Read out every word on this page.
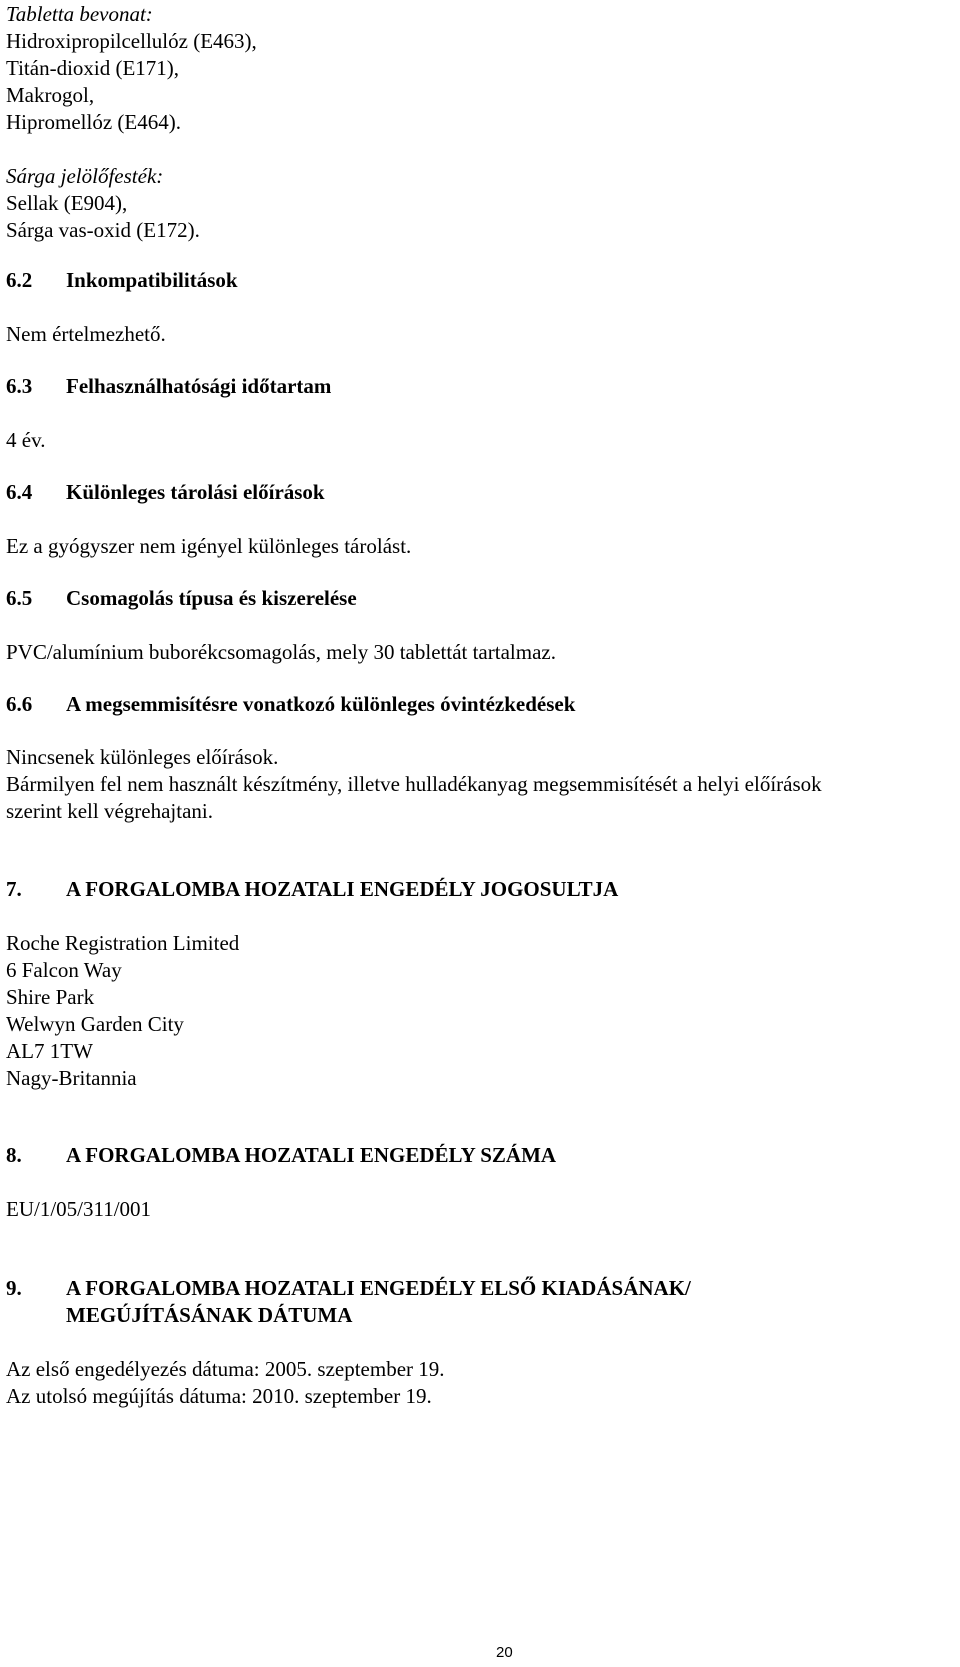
Tabletta bevonat:
Hidroxipropilcellulóz (E463),
Titán-dioxid (E171),
Makrogol,
Hipromellóz (E464).
Sárga jelölőfesték:
Sellak (E904),
Sárga vas-oxid (E172).
6.2 Inkompatibilitások
Nem értelmezhető.
6.3 Felhasználhatósági időtartam
4 év.
6.4 Különleges tárolási előírások
Ez a gyógyszer nem igényel különleges tárolást.
6.5 Csomagolás típusa és kiszerelése
PVC/alumínium buborékcsomagolás, mely 30 tablettát tartalmaz.
6.6 A megsemmisítésre vonatkozó különleges óvintézkedések
Nincsenek különleges előírások.
Bármilyen fel nem használt készítmény, illetve hulladékanyag megsemmisítését a helyi előírások
szerint kell végrehajtani.
7. A FORGALOMBA HOZATALI ENGEDÉLY JOGOSULTJA
Roche Registration Limited
6 Falcon Way
Shire Park
Welwyn Garden City
AL7 1TW
Nagy-Britannia
8. A FORGALOMBA HOZATALI ENGEDÉLY SZÁMA
EU/1/05/311/001
9. A FORGALOMBA HOZATALI ENGEDÉLY ELSŐ KIADÁSÁNAK/
MEGÚJÍTÁSÁNAK DÁTUMA
Az első engedélyezés dátuma: 2005. szeptember 19.
Az utolsó megújítás dátuma: 2010. szeptember 19.
20
